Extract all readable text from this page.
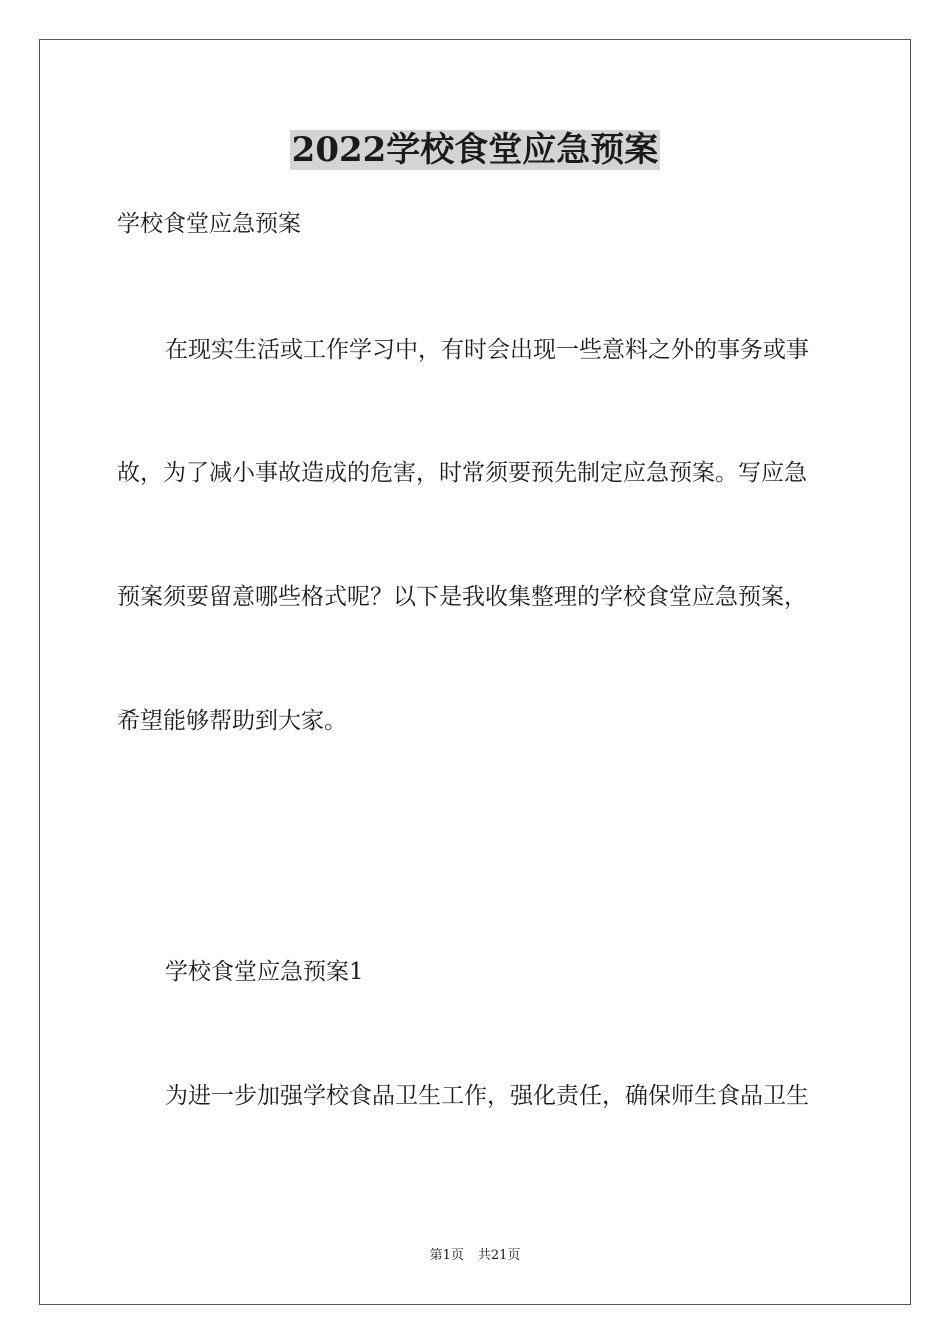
2022学校食堂应急预案
学校食堂应急预案
在现实生活或工作学习中，有时会出现一些意料之外的事务或事
故，为了减小事故造成的危害，时常须要预先制定应急预案。写应急
预案须要留意哪些格式呢？以下是我收集整理的学校食堂应急预案，
希望能够帮助到大家。
学校食堂应急预案1
为进一步加强学校食品卫生工作，强化责任，确保师生食品卫生
第1页 共21页
